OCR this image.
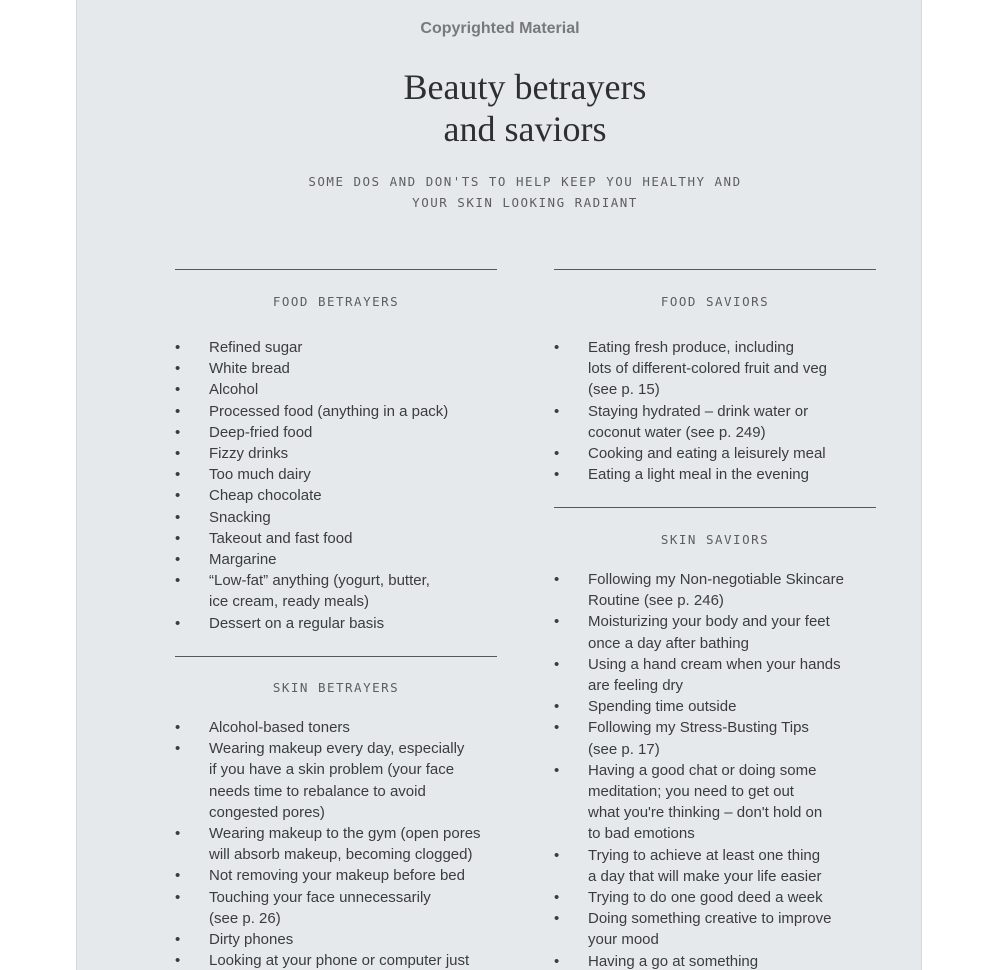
Copyrighted Material
Beauty betrayers
and saviors
SOME DOS AND DON'TS TO HELP KEEP YOU HEALTHY AND
YOUR SKIN LOOKING RADIANT
FOOD BETRAYERS
• Refined sugar
• White bread
• Alcohol
• Processed food (anything in a pack)
• Deep-fried food
• Fizzy drinks
• Too much dairy
• Cheap chocolate
• Snacking
• Takeout and fast food
• Margarine
• “Low-fat” anything (yogurt, butter,
ice cream, ready meals)
• Dessert on a regular basis
SKIN BETRAYERS
• Alcohol-based toners
• Wearing makeup every day, especially
if you have a skin problem (your face
needs time to rebalance to avoid
congested pores)
• Wearing makeup to the gym (open pores
will absorb makeup, becoming clogged)
• Not removing your makeup before bed
• Touching your face unnecessarily
(see p. 26)
• Dirty phones
• Looking at your phone or computer just
FOOD SAVIORS
• Eating fresh produce, including
lots of different-colored fruit and veg
(see p. 15)
• Staying hydrated – drink water or
coconut water (see p. 249)
• Cooking and eating a leisurely meal
• Eating a light meal in the evening
SKIN SAVIORS
• Following my Non-negotiable Skincare
Routine (see p. 246)
• Moisturizing your body and your feet
once a day after bathing
• Using a hand cream when your hands
are feeling dry
• Spending time outside
• Following my Stress-Busting Tips
(see p. 17)
• Having a good chat or doing some
meditation; you need to get out
what you're thinking – don't hold on
to bad emotions
• Trying to achieve at least one thing
a day that will make your life easier
• Trying to do one good deed a week
• Doing something creative to improve
your mood
• Having a go at something
